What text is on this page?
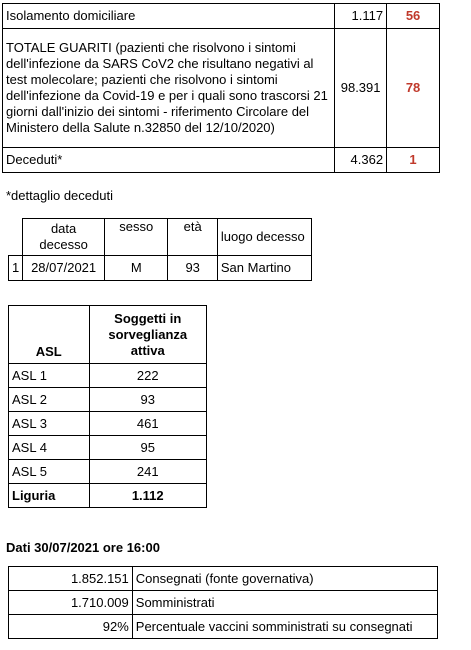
Isolamento domiciliare	1.117	56
TOTALE GUARITI (pazienti che risolvono i sintomi dell'infezione da SARS CoV2 che risultano negativi al test molecolare; pazienti che risolvono i sintomi dell'infezione da Covid-19 e per i quali sono trascorsi 21 giorni dall'inizio dei sintomi - riferimento Circolare del Ministero della Salute n.32850 del 12/10/2020)	98.391	78
Deceduti*	4.362	1
*dettaglio deceduti
	data decesso	sesso	età	luogo decesso
1	28/07/2021	M	93	San Martino
ASL	Soggetti in sorveglianza attiva
ASL 1	222
ASL 2	93
ASL 3	461
ASL 4	95
ASL 5	241
Liguria	1.112
Dati 30/07/2021 ore 16:00
1.852.151	Consegnati (fonte governativa)
1.710.009	Somministrati
92%	Percentuale vaccini somministrati su consegnati
